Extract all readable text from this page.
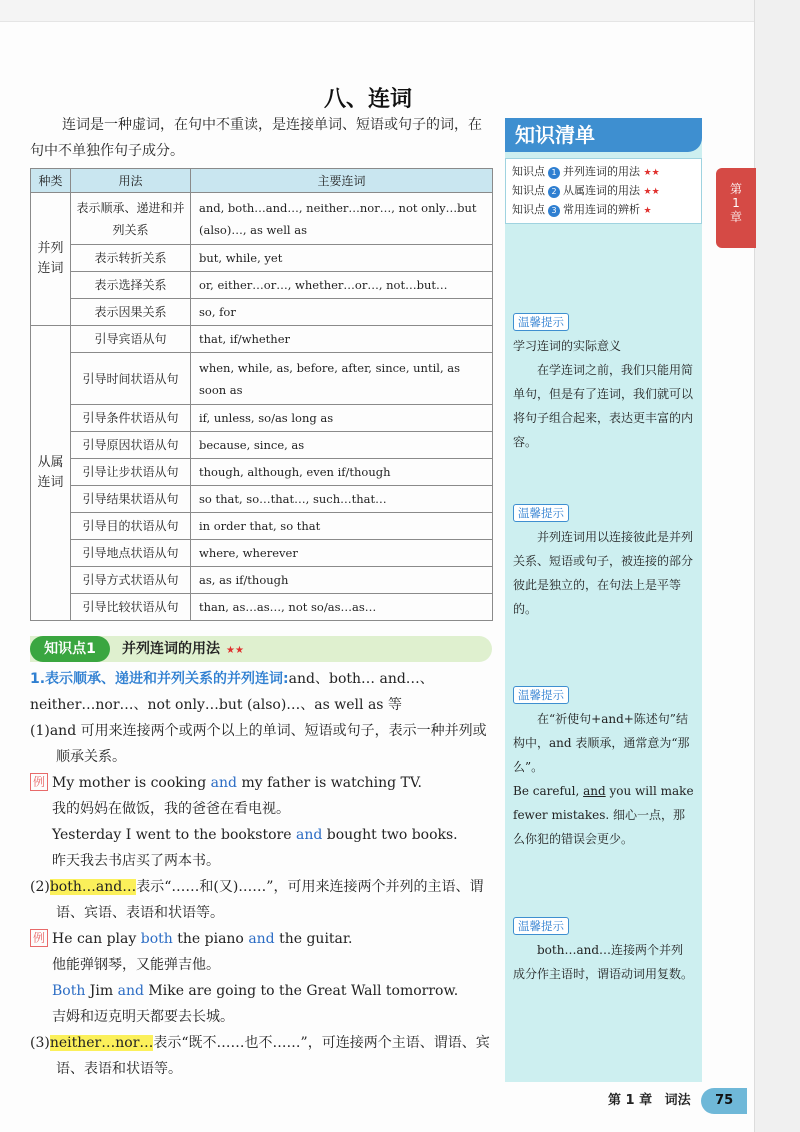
第1章
八、连词
连词是一种虚词，在句中不重读，是连接单词、短语或句子的词，在句中不单独作句子成分。
种类	用法	主要连词
并列连词	表示顺承、递进和并列关系	and, both…and…, neither…nor…, not only…but (also)…, as well as
	表示转折关系	but, while, yet
	表示选择关系	or, either…or…, whether…or…, not…but…
	表示因果关系	so, for
从属连词	引导宾语从句	that, if/whether
	引导时间状语从句	when, while, as, before, after, since, until, as soon as
	引导条件状语从句	if, unless, so/as long as
	引导原因状语从句	because, since, as
	引导让步状语从句	though, although, even if/though
	引导结果状语从句	so that, so…that…, such…that…
	引导目的状语从句	in order that, so that
	引导地点状语从句	where, wherever
	引导方式状语从句	as, as if/though
	引导比较状语从句	than, as…as…, not so/as…as…
知识点1	并列连词的用法 ★★
1.表示顺承、递进和并列关系的并列连词:and、both… and…、neither…nor…、not only…but (also)…、as well as 等
(1)and 可用来连接两个或两个以上的单词、短语或句子，表示一种并列或顺承关系。
例 My mother is cooking and my father is watching TV.
我的妈妈在做饭，我的爸爸在看电视。
Yesterday I went to the bookstore and bought two books.
昨天我去书店买了两本书。
(2)both…and…表示“……和(又)……”，可用来连接两个并列的主语、谓语、宾语、表语和状语等。
例 He can play both the piano and the guitar.
他能弹钢琴，又能弹吉他。
Both Jim and Mike are going to the Great Wall tomorrow.
吉姆和迈克明天都要去长城。
(3)neither…nor…表示“既不……也不……”，可连接两个主语、谓语、宾语、表语和状语等。
知识清单
知识点 1 并列连词的用法 ★★
知识点 2 从属连词的用法 ★★
知识点 3 常用连词的辨析 ★
温馨提示
学习连词的实际意义

在学连词之前，我们只能用简单句，但是有了连词，我们就可以将句子组合起来，表达更丰富的内容。

温馨提示

并列连词用以连接彼此是并列关系、短语或句子，被连接的部分彼此是独立的，在句法上是平等的。

温馨提示

在“祈使句+and+陈述句”结构中，and 表顺承，通常意为“那么”。

Be careful, and you will make fewer mistakes. 细心一点，那么你犯的错误会更少。
温馨提示

both…and…连接两个并列成分作主语时，谓语动词用复数。

第 1 章 词法 75
